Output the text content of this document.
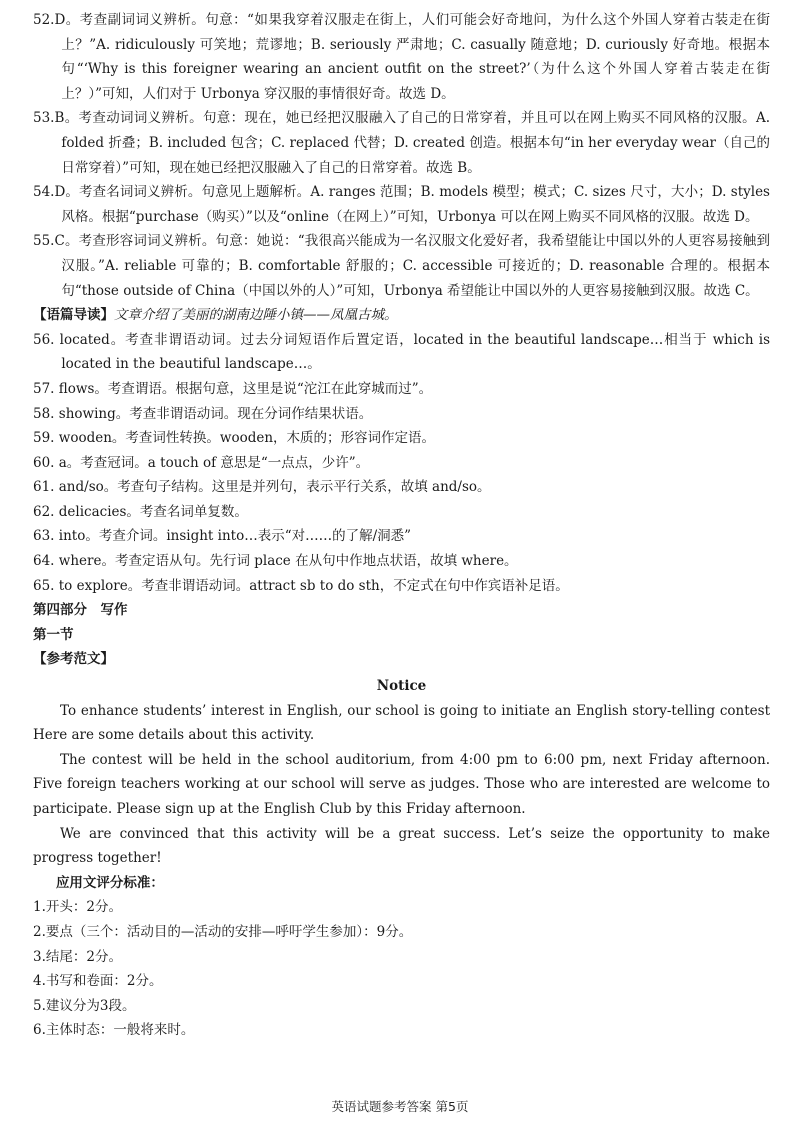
52.D。考查副词词义辨析。句意：“如果我穿着汉服走在街上，人们可能会好奇地问，为什么这个外国人穿着古装走在街上？”A. ridiculously 可笑地；荒谬地；B. seriously 严肃地；C. casually 随意地；D. curiously 好奇地。根据本句“‘Why is this foreigner wearing an ancient outfit on the street?’（为什么这个外国人穿着古装走在街上？）”可知，人们对于 Urbonya 穿汉服的事情很好奇。故选 D。
53.B。考查动词词义辨析。句意：现在，她已经把汉服融入了自己的日常穿着，并且可以在网上购买不同风格的汉服。A. folded 折叠；B. included 包含；C. replaced 代替；D. created 创造。根据本句“in her everyday wear（自己的日常穿着）”可知，现在她已经把汉服融入了自己的日常穿着。故选 B。
54.D。考查名词词义辨析。句意见上题解析。A. ranges 范围；B. models 模型；模式；C. sizes 尺寸，大小；D. styles 风格。根据“purchase（购买）”以及“online（在网上）”可知，Urbonya 可以在网上购买不同风格的汉服。故选 D。
55.C。考查形容词词义辨析。句意：她说：“我很高兴能成为一名汉服文化爱好者，我希望能让中国以外的人更容易接触到汉服。”A. reliable 可靠的；B. comfortable 舒服的；C. accessible 可接近的；D. reasonable 合理的。根据本句“those outside of China（中国以外的人）”可知，Urbonya 希望能让中国以外的人更容易接触到汉服。故选 C。
【语篇导读】文章介绍了美丽的湖南边陲小镇——凤凰古城。
56. located。考查非谓语动词。过去分词短语作后置定语，located in the beautiful landscape…相当于 which is located in the beautiful landscape…。
57. flows。考查谓语。根据句意，这里是说“沱江在此穿城而过”。
58. showing。考查非谓语动词。现在分词作结果状语。
59. wooden。考查词性转换。wooden，木质的；形容词作定语。
60. a。考查冠词。a touch of 意思是“一点点，少许”。
61. and/so。考查句子结构。这里是并列句，表示平行关系，故填 and/so。
62. delicacies。考查名词单复数。
63. into。考查介词。insight into…表示“对……的了解/洞悉”
64. where。考查定语从句。先行词 place 在从句中作地点状语，故填 where。
65. to explore。考查非谓语动词。attract sb to do sth，不定式在句中作宾语补足语。
第四部分　写作
第一节
【参考范文】
Notice
To enhance students’ interest in English, our school is going to initiate an English story-telling contest Here are some details about this activity.
The contest will be held in the school auditorium, from 4:00 pm to 6:00 pm, next Friday afternoon. Five foreign teachers working at our school will serve as judges. Those who are interested are welcome to participate. Please sign up at the English Club by this Friday afternoon.
We are convinced that this activity will be a great success. Let’s seize the opportunity to make progress together!
应用文评分标准：
1.开头：2分。
2.要点（三个：活动目的—活动的安排—呼吁学生参加）：9分。
3.结尾：2分。
4.书写和卷面：2分。
5.建议分为3段。
6.主体时态：一般将来时。
英语试题参考答案 第5页
